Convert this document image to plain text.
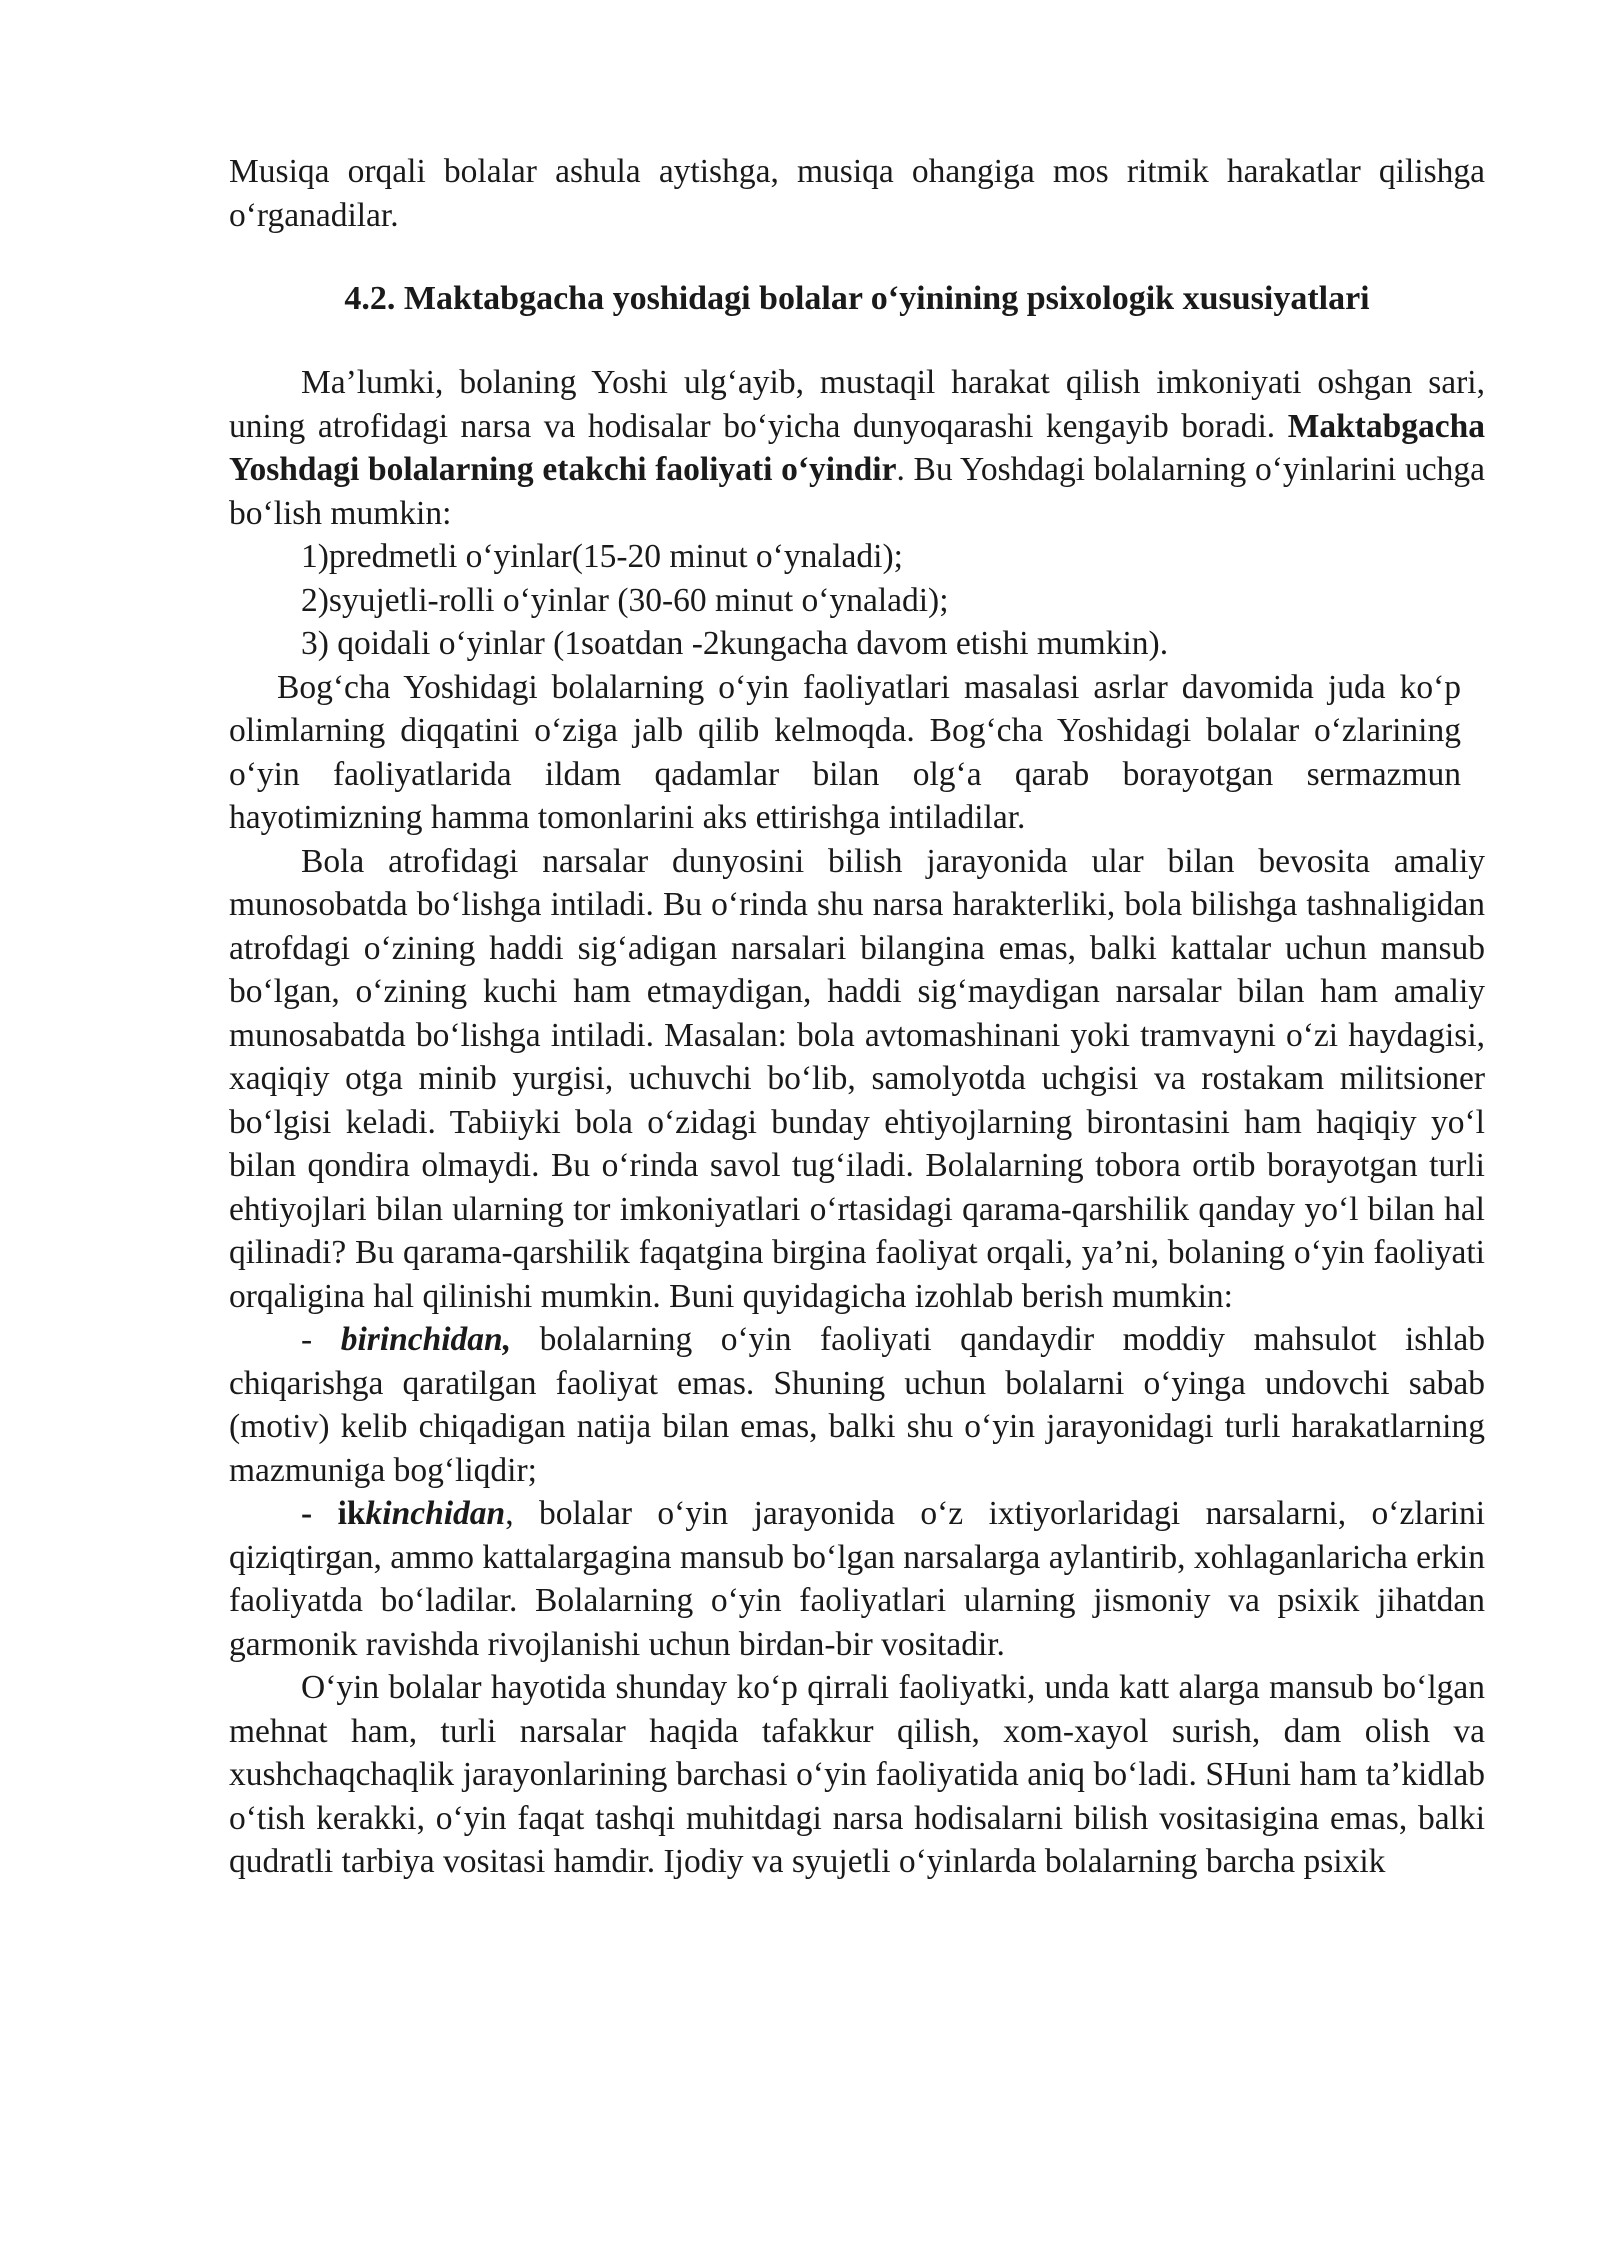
Musiqa orqali bolalar ashula aytishga, musiqa ohangiga mos ritmik harakatlar qilishga o‘rganadilar.

4.2. Maktabgacha yoshidagi bolalar o‘yinining psixologik xususiyatlari

Ma’lumki, bolaning Yoshi ulg‘ayib, mustaqil harakat qilish imkoniyati oshgan sari, uning atrofidagi narsa va hodisalar bo‘yicha dunyoqarashi kengayib boradi. Maktabgacha Yoshdagi bolalarning etakchi faoliyati o‘yindir. Bu Yoshdagi bolalarning o‘yinlarini uchga bo‘lish mumkin:

1)predmetli o‘yinlar(15-20 minut o‘ynaladi);

2)syujetli-rolli o‘yinlar (30-60 minut o‘ynaladi);

3) qoidali o‘yinlar (1soatdan -2kungacha davom etishi mumkin).

Bog‘cha Yoshidagi bolalarning o‘yin faoliyatlari masalasi asrlar davomida juda ko‘p olimlarning diqqatini o‘ziga jalb qilib kelmoqda. Bog‘cha Yoshidagi bolalar o‘zlarining o‘yin faoliyatlarida ildam qadamlar bilan olg‘a qarab borayotgan sermazmun hayotimizning hamma tomonlarini aks ettirishga intiladilar.

Bola atrofidagi narsalar dunyosini bilish jarayonida ular bilan bevosita amaliy munosobatda bo‘lishga intiladi. Bu o‘rinda shu narsa harakterliki, bola bilishga tashnaligidan atrofdagi o‘zining haddi sig‘adigan narsalari bilangina emas, balki kattalar uchun mansub bo‘lgan, o‘zining kuchi ham etmaydigan, haddi sig‘maydigan narsalar bilan ham amaliy munosabatda bo‘lishga intiladi. Masalan: bola avtomashinani yoki tramvayni o‘zi haydagisi, xaqiqiy otga minib yurgisi, uchuvchi bo‘lib, samolyotda uchgisi va rostakam militsioner bo‘lgisi keladi. Tabiiyki bola o‘zidagi bunday ehtiyojlarning birontasini ham haqiqiy yo‘l bilan qondira olmaydi. Bu o‘rinda savol tug‘iladi. Bolalarning tobora ortib borayotgan turli ehtiyojlari bilan ularning tor imkoniyatlari o‘rtasidagi qarama-qarshilik qanday yo‘l bilan hal qilinadi? Bu qarama-qarshilik faqatgina birgina faoliyat orqali, ya’ni, bolaning o‘yin faoliyati orqaligina hal qilinishi mumkin. Buni quyidagicha izohlab berish mumkin:

- birinchidan, bolalarning o‘yin faoliyati qandaydir moddiy mahsulot ishlab chiqarishga qaratilgan faoliyat emas. Shuning uchun bolalarni o‘yinga undovchi sabab (motiv) kelib chiqadigan natija bilan emas, balki shu o‘yin jarayonidagi turli harakatlarning mazmuniga bog‘liqdir;

- ikkinchidan, bolalar o‘yin jarayonida o‘z ixtiyorlaridagi narsalarni, o‘zlarini qiziqtirgan, ammo kattalargagina mansub bo‘lgan narsalarga aylantirib, xohlaganlaricha erkin faoliyatda bo‘ladilar. Bolalarning o‘yin faoliyatlari ularning jismoniy va psixik jihatdan garmonik ravishda rivojlanishi uchun birdan-bir vositadir.

O‘yin bolalar hayotida shunday ko‘p qirrali faoliyatki, unda katt alarga mansub bo‘lgan mehnat ham, turli narsalar haqida tafakkur qilish, xom-xayol surish, dam olish va xushchaqchaqlik jarayonlarining barchasi o‘yin faoliyatida aniq bo‘ladi. SHuni ham ta’kidlab o‘tish kerakki, o‘yin faqat tashqi muhitdagi narsa hodisalarni bilish vositasigina emas, balki qudratli tarbiya vositasi hamdir. Ijodiy va syujetli o‘yinlarda bolalarning barcha psixik
